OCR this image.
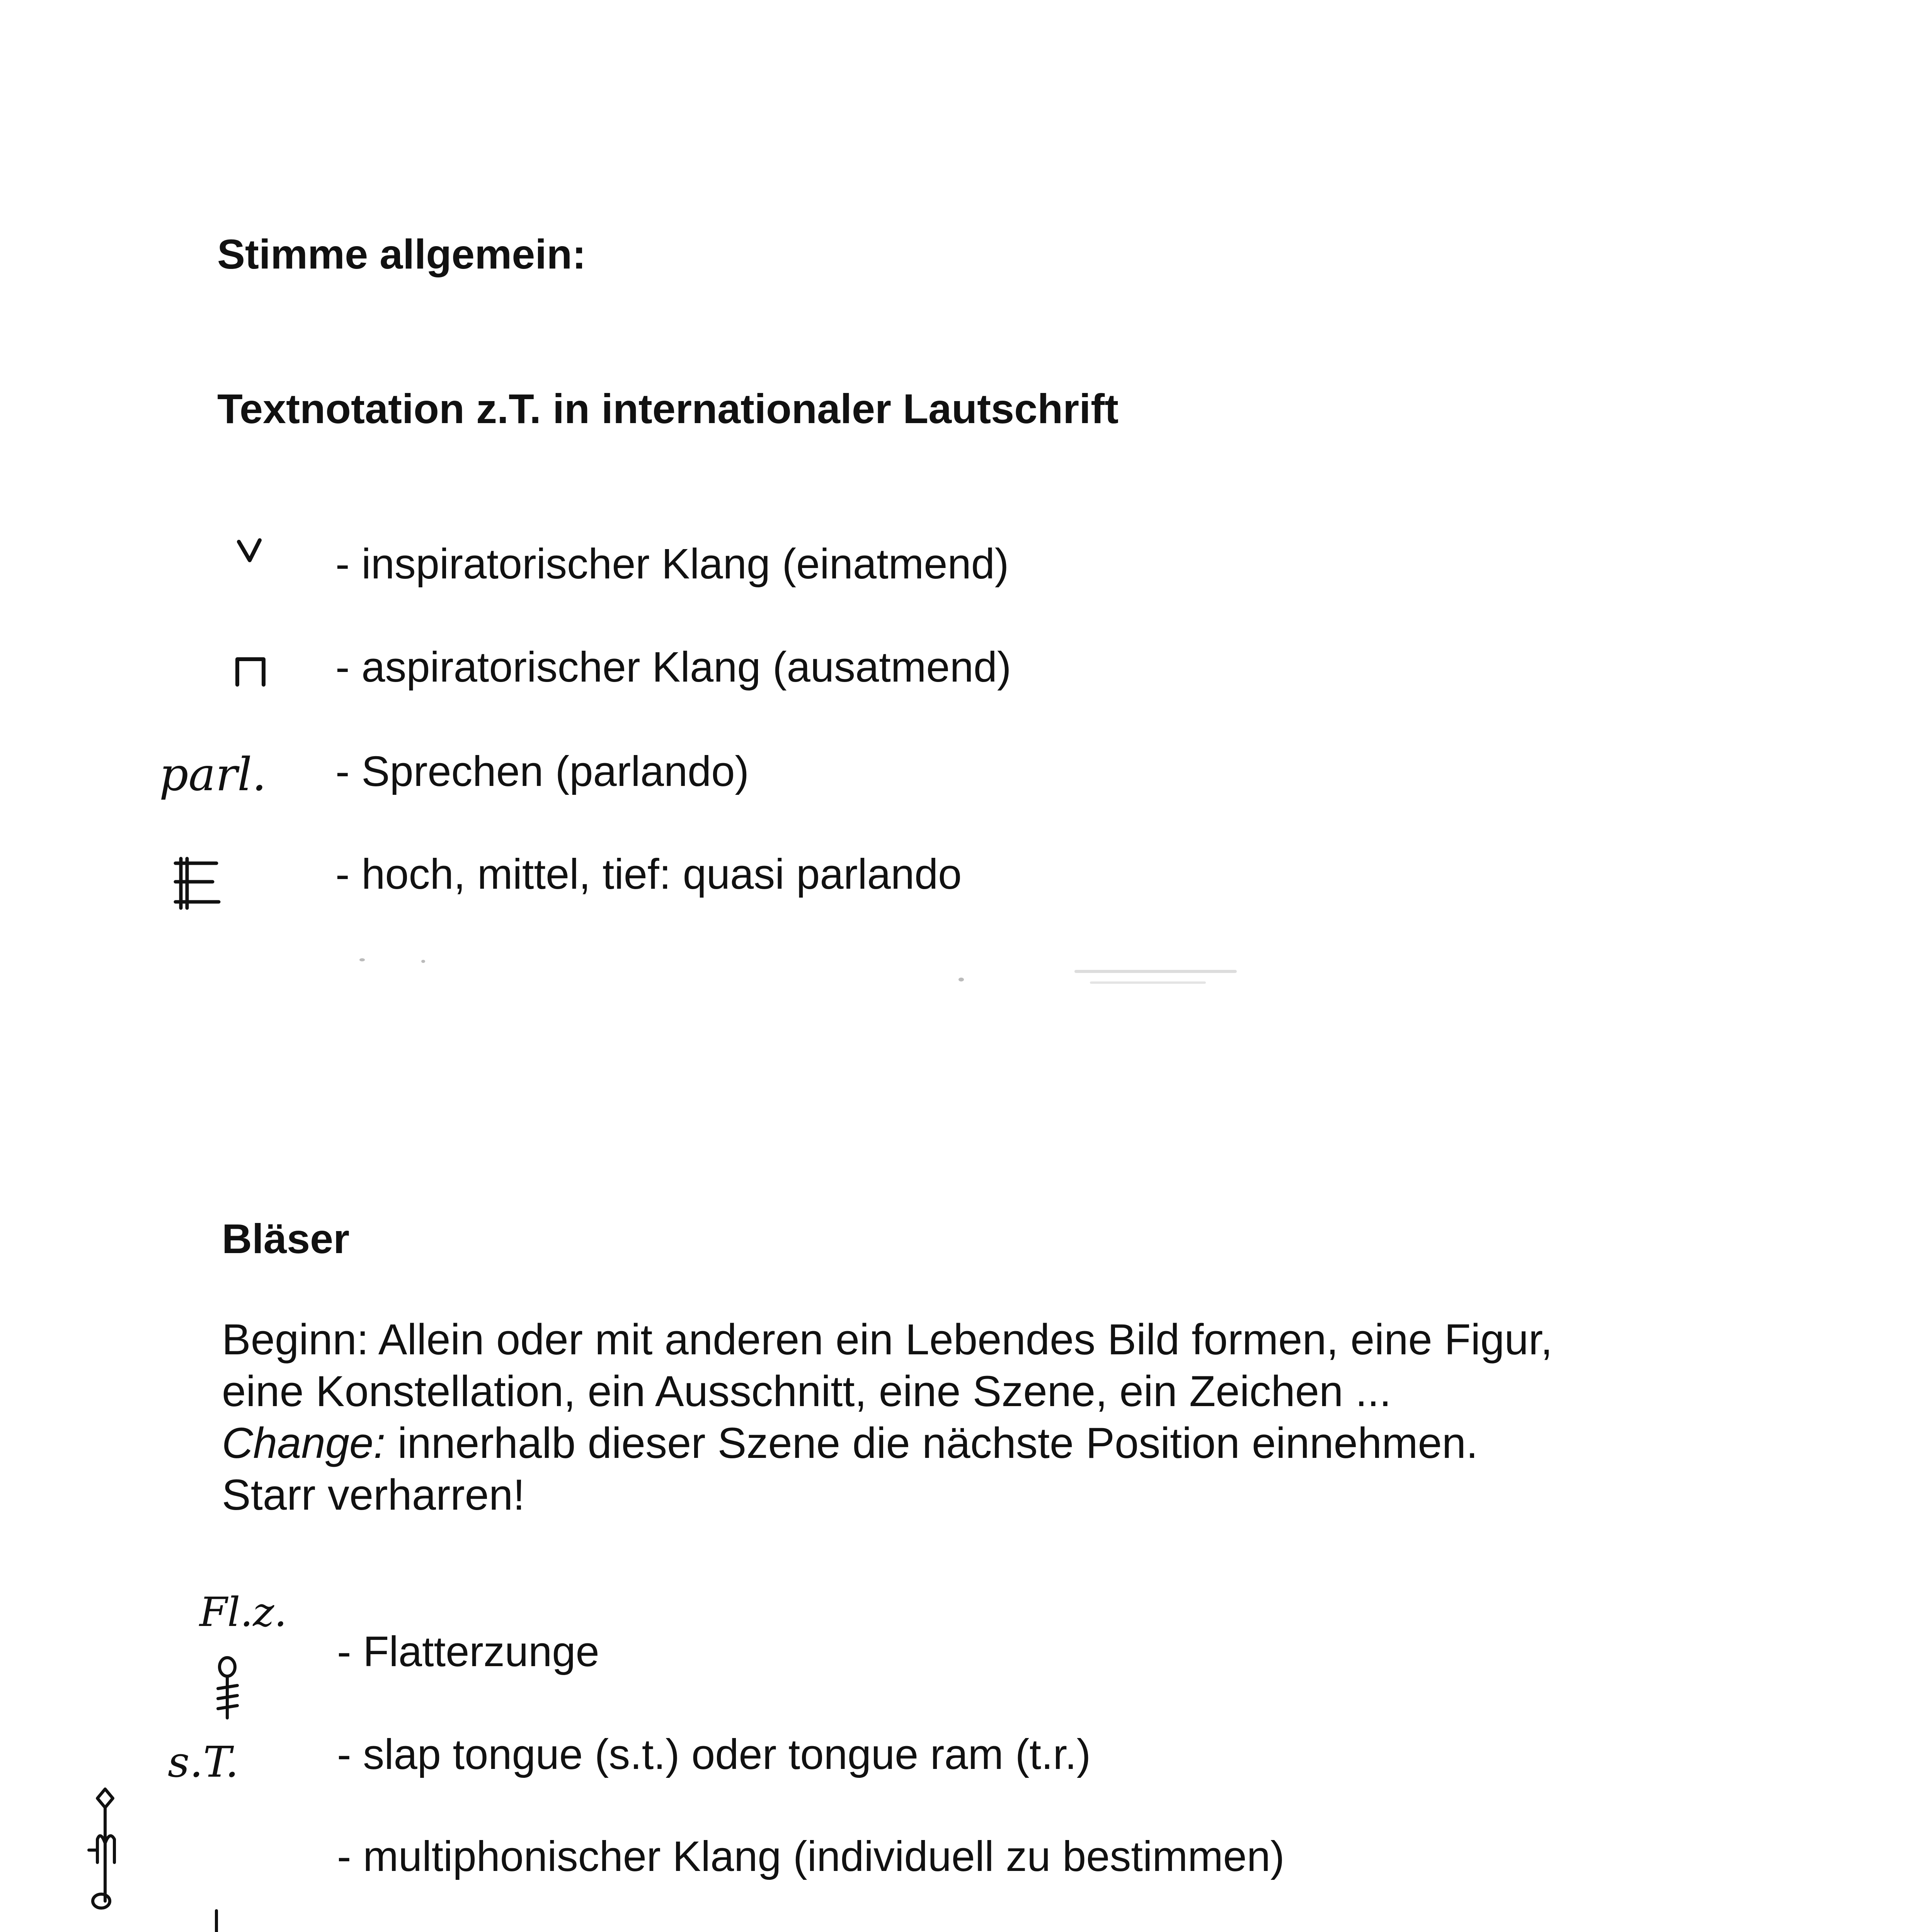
Stimme allgemein:
Textnotation z.T. in internationaler Lautschrift
- inspiratorischer Klang (einatmend)
- aspiratorischer Klang (ausatmend)
parl. - Sprechen (parlando)
- hoch, mittel, tief: quasi parlando
Bläser
Beginn: Allein oder mit anderen ein Lebendes Bild formen, eine Figur,
eine Konstellation, ein Ausschnitt, eine Szene, ein Zeichen ...
Change: innerhalb dieser Szene die nächste Position einnehmen.
Starr verharren!
Fl.z.
- Flatterzunge
s.T. - slap tongue (s.t.) oder tongue ram (t.r.)
- multiphonischer Klang (individuell zu bestimmen)
